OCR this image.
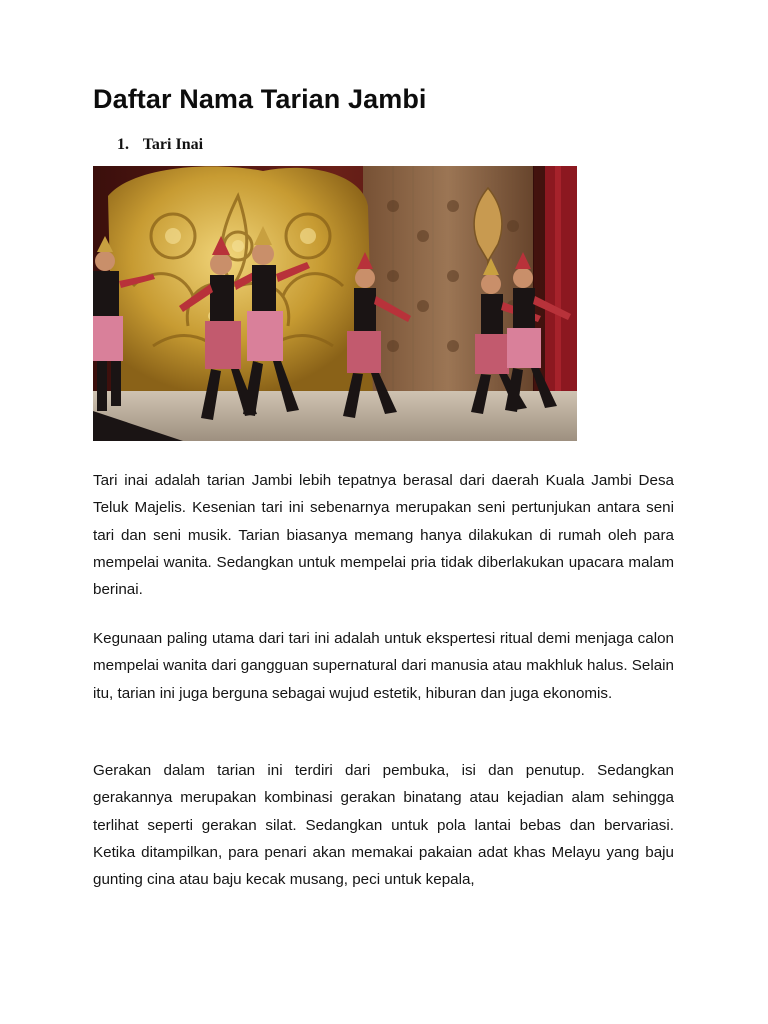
Daftar Nama Tarian Jambi
1. Tari Inai

Tari inai adalah tarian Jambi lebih tepatnya berasal dari daerah Kuala Jambi Desa Teluk Majelis. Kesenian tari ini sebenarnya merupakan seni pertunjukan antara seni tari dan seni musik. Tarian biasanya memang hanya dilakukan di rumah oleh para mempelai wanita. Sedangkan untuk mempelai pria tidak diberlakukan upacara malam berinai.

Kegunaan paling utama dari tari ini adalah untuk ekspertesi ritual demi menjaga calon mempelai wanita dari gangguan supernatural dari manusia atau makhluk halus. Selain itu, tarian ini juga berguna sebagai wujud estetik, hiburan dan juga ekonomis.

Gerakan dalam tarian ini terdiri dari pembuka, isi dan penutup. Sedangkan gerakannya merupakan kombinasi gerakan binatang atau kejadian alam sehingga terlihat seperti gerakan silat. Sedangkan untuk pola lantai bebas dan bervariasi. Ketika ditampilkan, para penari akan memakai pakaian adat khas Melayu yang baju gunting cina atau baju kecak musang, peci untuk kepala,
